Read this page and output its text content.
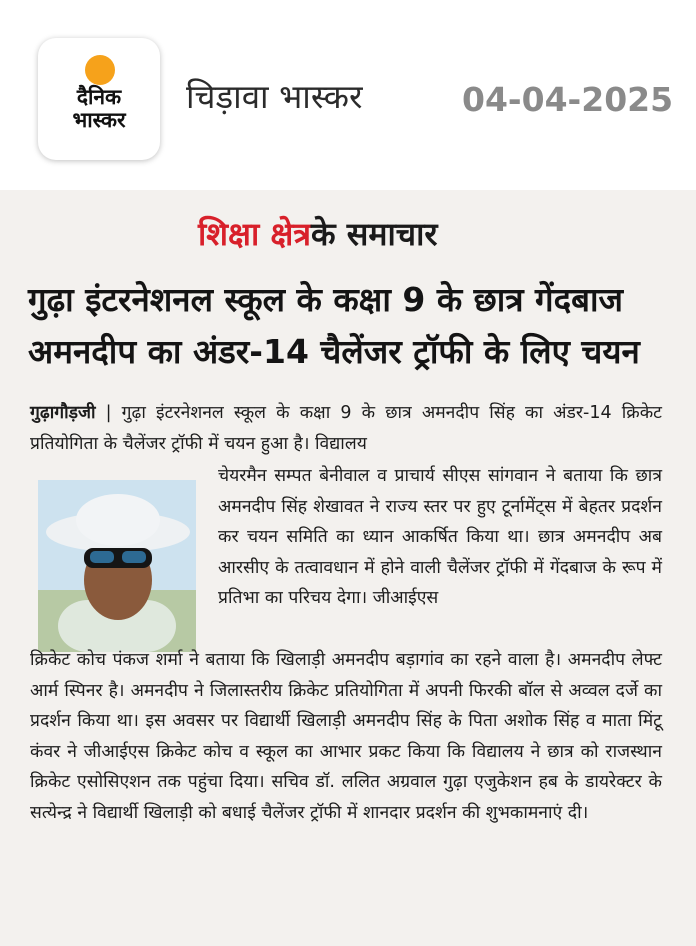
दैनिक
भास्कर
चिड़ावा भास्कर	04-04-2025
शिक्षा क्षेत्रके समाचार
गुढ़ा इंटरनेशनल स्कूल के कक्षा 9 के छात्र गेंदबाज
अमनदीप का अंडर-14 चैलेंजर ट्रॉफी के लिए चयन
गुढ़ागौड़जी | गुढ़ा इंटरनेशनल स्कूल के कक्षा 9 के छात्र अमनदीप सिंह का अंडर-14 क्रिकेट प्रतियोगिता के चैलेंजर ट्रॉफी में चयन हुआ है। विद्यालय
चेयरमैन सम्पत बेनीवाल व प्राचार्य सीएस सांगवान ने बताया कि छात्र अमनदीप सिंह शेखावत ने राज्य स्तर पर हुए टूर्नामेंट्स में बेहतर प्रदर्शन कर चयन समिति का ध्यान आकर्षित किया था। छात्र अमनदीप अब आरसीए के तत्वावधान में होने वाली चैलेंजर ट्रॉफी में गेंदबाज के रूप में प्रतिभा का परिचय देगा। जीआईएस
क्रिकेट कोच पंकज शर्मा ने बताया कि खिलाड़ी अमनदीप बड़ागांव का रहने वाला है। अमनदीप लेफ्ट आर्म स्पिनर है। अमनदीप ने जिलास्तरीय क्रिकेट प्रतियोगिता में अपनी फिरकी बॉल से अव्वल दर्जे का प्रदर्शन किया था। इस अवसर पर विद्यार्थी खिलाड़ी अमनदीप सिंह के पिता अशोक सिंह व माता मिंटू कंवर ने जीआईएस क्रिकेट कोच व स्कूल का आभार प्रकट किया कि विद्यालय ने छात्र को राजस्थान क्रिकेट एसोसिएशन तक पहुंचा दिया। सचिव डॉ. ललित अग्रवाल गुढ़ा एजुकेशन हब के डायरेक्टर के सत्येन्द्र ने विद्यार्थी खिलाड़ी को बधाई चैलेंजर ट्रॉफी में शानदार प्रदर्शन की शुभकामनाएं दी।
